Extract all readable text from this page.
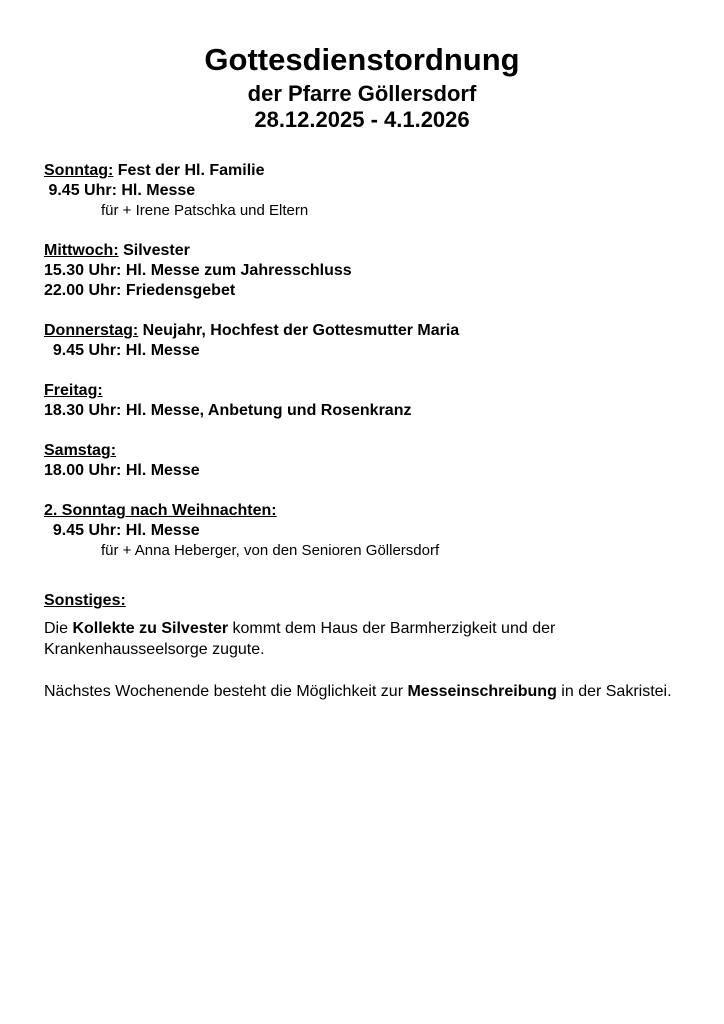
Gottesdienstordnung
der Pfarre Göllersdorf
28.12.2025 - 4.1.2026
Sonntag: Fest der Hl. Familie
9.45 Uhr: Hl. Messe
für + Irene Patschka und Eltern
Mittwoch: Silvester
15.30 Uhr: Hl. Messe zum Jahresschluss
22.00 Uhr: Friedensgebet
Donnerstag: Neujahr, Hochfest der Gottesmutter Maria
9.45 Uhr: Hl. Messe
Freitag:
18.30 Uhr: Hl. Messe, Anbetung und Rosenkranz
Samstag:
18.00 Uhr: Hl. Messe
2. Sonntag nach Weihnachten:
9.45 Uhr: Hl. Messe
für + Anna Heberger, von den Senioren Göllersdorf
Sonstiges:

Die Kollekte zu Silvester kommt dem Haus der Barmherzigkeit und der Krankenhausseelsorge zugute.

Nächstes Wochenende besteht die Möglichkeit zur Messeinschreibung in der Sakristei.
